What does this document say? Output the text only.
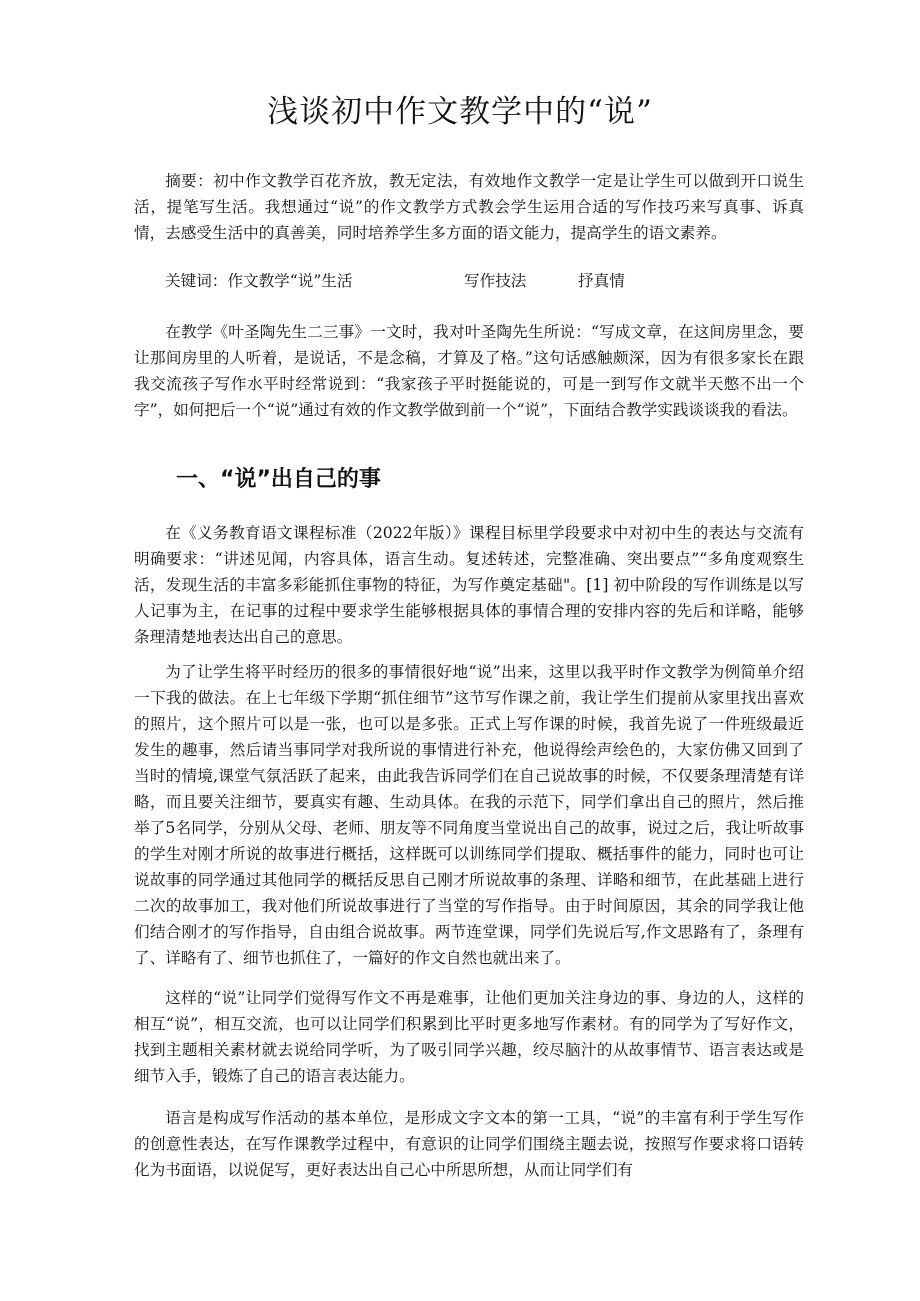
浅谈初中作文教学中的“说”

摘要：初中作文教学百花齐放，教无定法，有效地作文教学一定是让学生可以做到开口说生活，提笔写生活。我想通过“说”的作文教学方式教会学生运用合适的写作技巧来写真事、诉真情，去感受生活中的真善美，同时培养学生多方面的语文能力，提高学生的语文素养。

关键词：作文教学“说”生活	写作技法	抒真情

在教学《叶圣陶先生二三事》一文时，我对叶圣陶先生所说：“写成文章，在这间房里念，要让那间房里的人听着，是说话，不是念稿，才算及了格。”这句话感触颇深，因为有很多家长在跟我交流孩子写作水平时经常说到：“我家孩子平时挺能说的，可是一到写作文就半天憋不出一个字”，如何把后一个“说”通过有效的作文教学做到前一个“说”，下面结合教学实践谈谈我的看法。

一、“说”出自己的事

在《义务教育语文课程标准（2022年版）》课程目标里学段要求中对初中生的表达与交流有明确要求：“讲述见闻，内容具体，语言生动。复述转述，完整准确、突出要点”“多角度观察生活，发现生活的丰富多彩能抓住事物的特征，为写作奠定基础"。[1] 初中阶段的写作训练是以写人记事为主，在记事的过程中要求学生能够根据具体的事情合理的安排内容的先后和详略，能够条理清楚地表达出自己的意思。

为了让学生将平时经历的很多的事情很好地“说”出来，这里以我平时作文教学为例简单介绍一下我的做法。在上七年级下学期“抓住细节”这节写作课之前，我让学生们提前从家里找出喜欢的照片，这个照片可以是一张，也可以是多张。正式上写作课的时候，我首先说了一件班级最近发生的趣事，然后请当事同学对我所说的事情进行补充，他说得绘声绘色的，大家仿佛又回到了当时的情境,课堂气氛活跃了起来，由此我告诉同学们在自己说故事的时候，不仅要条理清楚有详略，而且要关注细节，要真实有趣、生动具体。在我的示范下，同学们拿出自己的照片，然后推举了5名同学，分别从父母、老师、朋友等不同角度当堂说出自己的故事，说过之后，我让听故事的学生对刚才所说的故事进行概括，这样既可以训练同学们提取、概括事件的能力，同时也可让说故事的同学通过其他同学的概括反思自己刚才所说故事的条理、详略和细节，在此基础上进行二次的故事加工，我对他们所说故事进行了当堂的写作指导。由于时间原因，其余的同学我让他们结合刚才的写作指导，自由组合说故事。两节连堂课，同学们先说后写,作文思路有了，条理有了、详略有了、细节也抓住了，一篇好的作文自然也就出来了。

这样的“说”让同学们觉得写作文不再是难事，让他们更加关注身边的事、身边的人，这样的相互“说”，相互交流，也可以让同学们积累到比平时更多地写作素材。有的同学为了写好作文，找到主题相关素材就去说给同学听，为了吸引同学兴趣，绞尽脑汁的从故事情节、语言表达或是细节入手，锻炼了自己的语言表达能力。

语言是构成写作活动的基本单位，是形成文字文本的第一工具，“说”的丰富有利于学生写作的创意性表达，在写作课教学过程中，有意识的让同学们围绕主题去说，按照写作要求将口语转化为书面语，以说促写，更好表达出自己心中所思所想，从而让同学们有
